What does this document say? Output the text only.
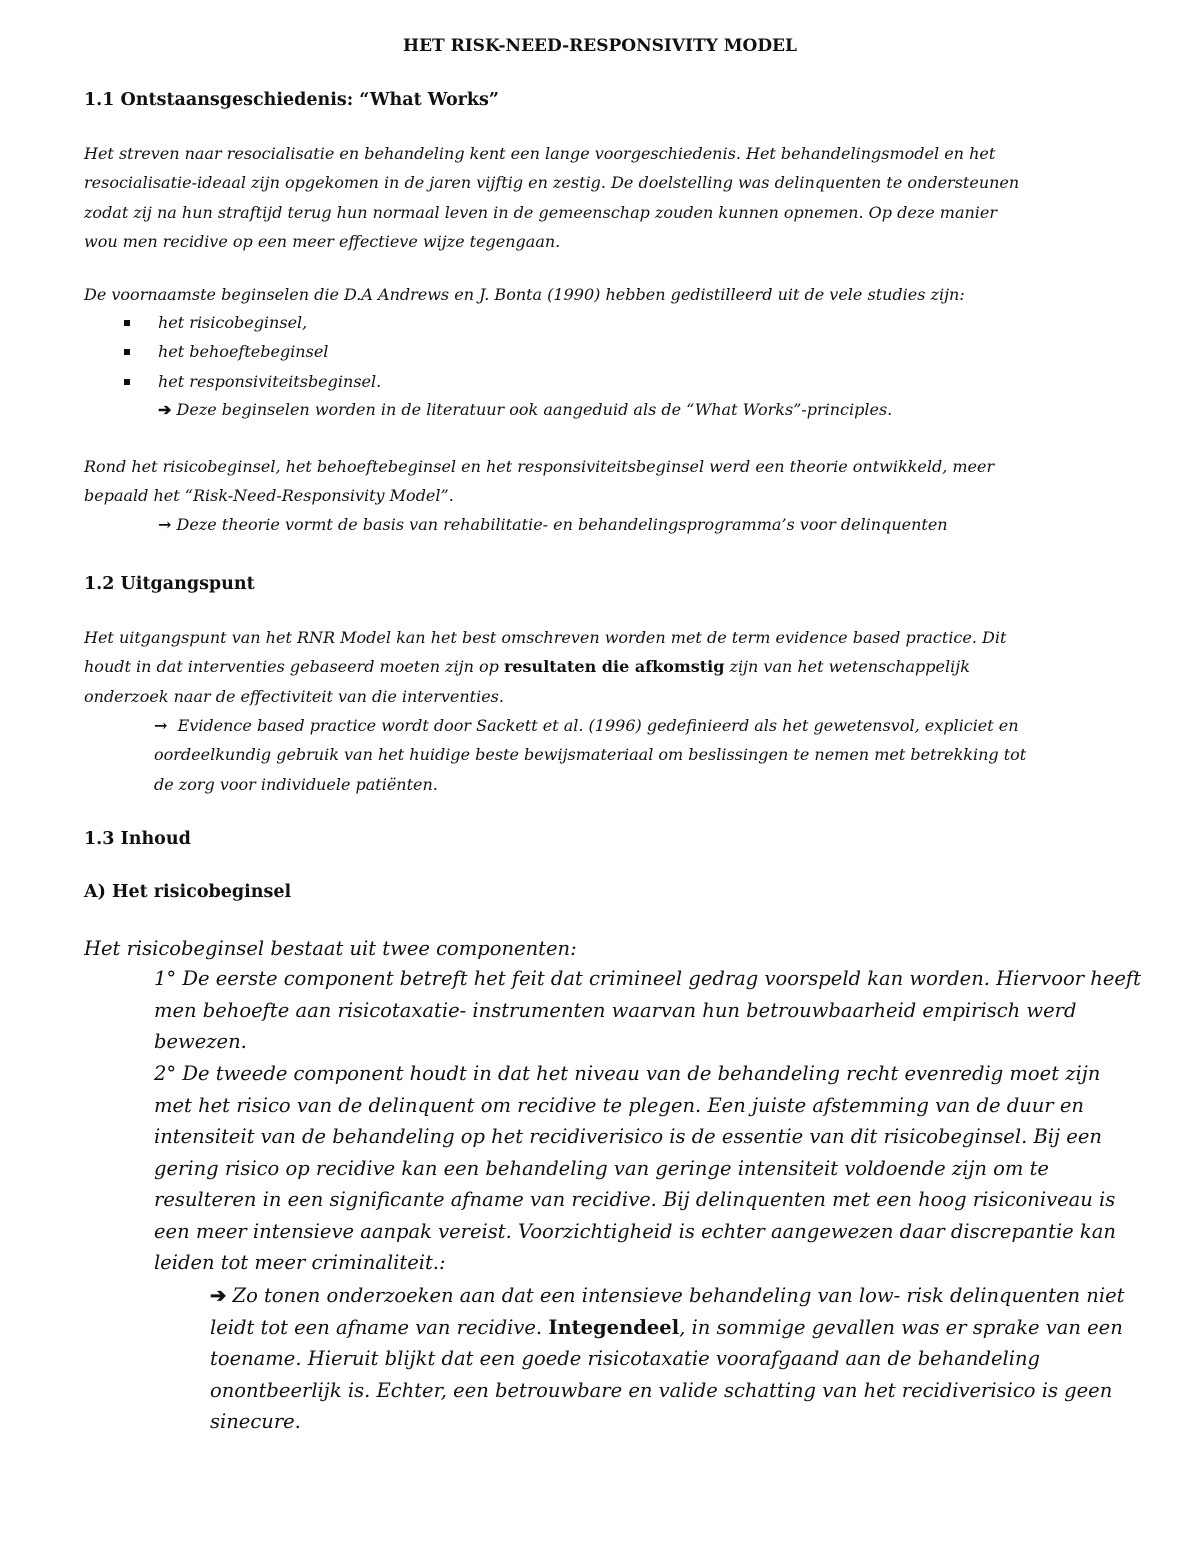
HET RISK-NEED-RESPONSIVITY MODEL
1.1 Ontstaansgeschiedenis: “What Works”
Het streven naar resocialisatie en behandeling kent een lange voorgeschiedenis. Het behandelingsmodel en het
resocialisatie-ideaal zijn opgekomen in de jaren vijftig en zestig. De doelstelling was delinquenten te ondersteunen
zodat zij na hun straftijd terug hun normaal leven in de gemeenschap zouden kunnen opnemen. Op deze manier
wou men recidive op een meer effectieve wijze tegengaan.
De voornaamste beginselen die D.A Andrews en J. Bonta (1990) hebben gedistilleerd uit de vele studies zijn:
het risicobeginsel,
het behoeftebeginsel
het responsiviteitsbeginsel.
➔ Deze beginselen worden in de literatuur ook aangeduid als de “What Works”-principles.
Rond het risicobeginsel, het behoeftebeginsel en het responsiviteitsbeginsel werd een theorie ontwikkeld, meer
bepaald het “Risk-Need-Responsivity Model”.
→ Deze theorie vormt de basis van rehabilitatie- en behandelingsprogramma’s voor delinquenten
1.2 Uitgangspunt
Het uitgangspunt van het RNR Model kan het best omschreven worden met de term evidence based practice. Dit
houdt in dat interventies gebaseerd moeten zijn op resultaten die afkomstig zijn van het wetenschappelijk
onderzoek naar de effectiviteit van die interventies.
→ Evidence based practice wordt door Sackett et al. (1996) gedefinieerd als het gewetensvol, expliciet en
oordeelkundig gebruik van het huidige beste bewijsmateriaal om beslissingen te nemen met betrekking tot
de zorg voor individuele patiënten.
1.3 Inhoud
A) Het risicobeginsel
Het risicobeginsel bestaat uit twee componenten:
1° De eerste component betreft het feit dat crimineel gedrag voorspeld kan worden. Hiervoor heeft
men behoefte aan risicotaxatie- instrumenten waarvan hun betrouwbaarheid empirisch werd
bewezen.
2° De tweede component houdt in dat het niveau van de behandeling recht evenredig moet zijn
met het risico van de delinquent om recidive te plegen. Een juiste afstemming van de duur en
intensiteit van de behandeling op het recidiverisico is de essentie van dit risicobeginsel. Bij een
gering risico op recidive kan een behandeling van geringe intensiteit voldoende zijn om te
resulteren in een significante afname van recidive. Bij delinquenten met een hoog risiconiveau is
een meer intensieve aanpak vereist. Voorzichtigheid is echter aangewezen daar discrepantie kan
leiden tot meer criminaliteit.:
➔ Zo tonen onderzoeken aan dat een intensieve behandeling van low- risk delinquenten niet
leidt tot een afname van recidive. Integendeel, in sommige gevallen was er sprake van een
toename. Hieruit blijkt dat een goede risicotaxatie voorafgaand aan de behandeling
onontbeerlijk is. Echter, een betrouwbare en valide schatting van het recidiverisico is geen
sinecure.
